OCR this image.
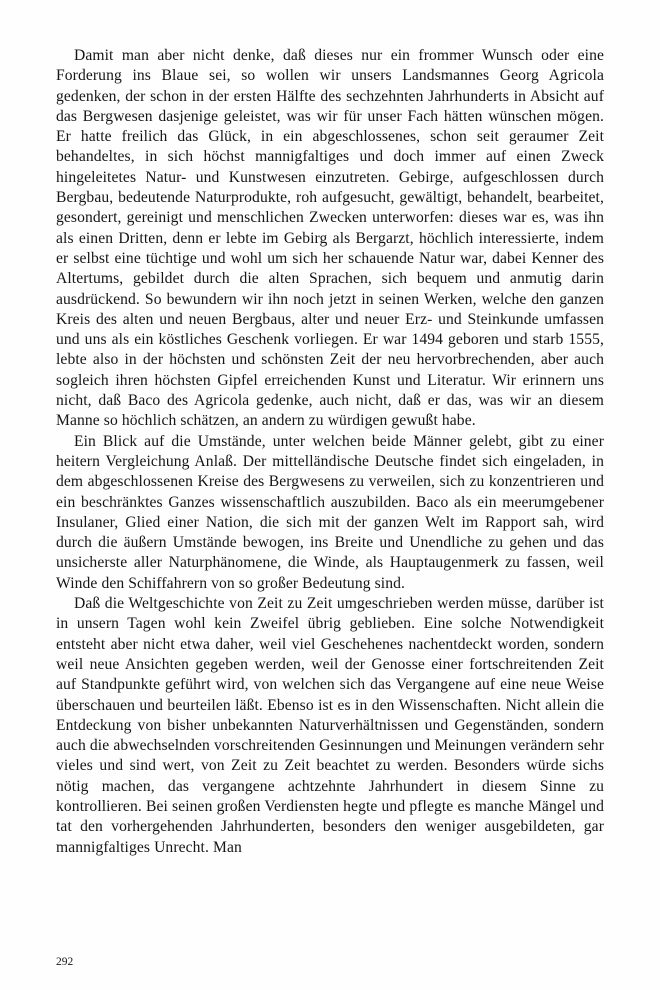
Damit man aber nicht denke, daß dieses nur ein frommer Wunsch oder eine Forderung ins Blaue sei, so wollen wir unsers Landsmannes Georg Agricola gedenken, der schon in der ersten Hälfte des sechzehnten Jahrhunderts in Absicht auf das Bergwesen dasjenige geleistet, was wir für unser Fach hätten wünschen mögen. Er hatte freilich das Glück, in ein abgeschlossenes, schon seit geraumer Zeit behandeltes, in sich höchst mannigfaltiges und doch immer auf einen Zweck hingeleitetes Natur- und Kunstwesen einzutreten. Gebirge, aufgeschlossen durch Bergbau, bedeutende Naturprodukte, roh aufgesucht, gewältigt, behandelt, bearbeitet, gesondert, gereinigt und menschlichen Zwecken unterworfen: dieses war es, was ihn als einen Dritten, denn er lebte im Gebirg als Bergarzt, höchlich interessierte, indem er selbst eine tüchtige und wohl um sich her schauende Natur war, dabei Kenner des Altertums, gebildet durch die alten Sprachen, sich bequem und anmutig darin ausdrückend. So bewundern wir ihn noch jetzt in seinen Werken, welche den ganzen Kreis des alten und neuen Bergbaus, alter und neuer Erz- und Steinkunde umfassen und uns als ein köstliches Geschenk vorliegen. Er war 1494 geboren und starb 1555, lebte also in der höchsten und schönsten Zeit der neu hervorbrechenden, aber auch sogleich ihren höchsten Gipfel erreichenden Kunst und Literatur. Wir erinnern uns nicht, daß Baco des Agricola gedenke, auch nicht, daß er das, was wir an diesem Manne so höchlich schätzen, an andern zu würdigen gewußt habe.

Ein Blick auf die Umstände, unter welchen beide Männer gelebt, gibt zu einer heitern Vergleichung Anlaß. Der mittelländische Deutsche findet sich eingeladen, in dem abgeschlossenen Kreise des Bergwesens zu verweilen, sich zu konzentrieren und ein beschränktes Ganzes wissenschaftlich auszubilden. Baco als ein meerumgebener Insulaner, Glied einer Nation, die sich mit der ganzen Welt im Rapport sah, wird durch die äußern Umstände bewogen, ins Breite und Unendliche zu gehen und das unsicherste aller Naturphänomene, die Winde, als Hauptaugenmerk zu fassen, weil Winde den Schiffahrern von so großer Bedeutung sind.

Daß die Weltgeschichte von Zeit zu Zeit umgeschrieben werden müsse, darüber ist in unsern Tagen wohl kein Zweifel übrig geblieben. Eine solche Notwendigkeit entsteht aber nicht etwa daher, weil viel Geschehenes nachentdeckt worden, sondern weil neue Ansichten gegeben werden, weil der Genosse einer fortschreitenden Zeit auf Standpunkte geführt wird, von welchen sich das Vergangene auf eine neue Weise überschauen und beurteilen läßt. Ebenso ist es in den Wissenschaften. Nicht allein die Entdeckung von bisher unbekannten Naturverhältnissen und Gegenständen, sondern auch die abwechselnden vorschreitenden Gesinnungen und Meinungen verändern sehr vieles und sind wert, von Zeit zu Zeit beachtet zu werden. Besonders würde sichs nötig machen, das vergangene achtzehnte Jahrhundert in diesem Sinne zu kontrollieren. Bei seinen großen Verdiensten hegte und pflegte es manche Mängel und tat den vorhergehenden Jahrhunderten, besonders den weniger ausgebildeten, gar mannigfaltiges Unrecht. Man

292
